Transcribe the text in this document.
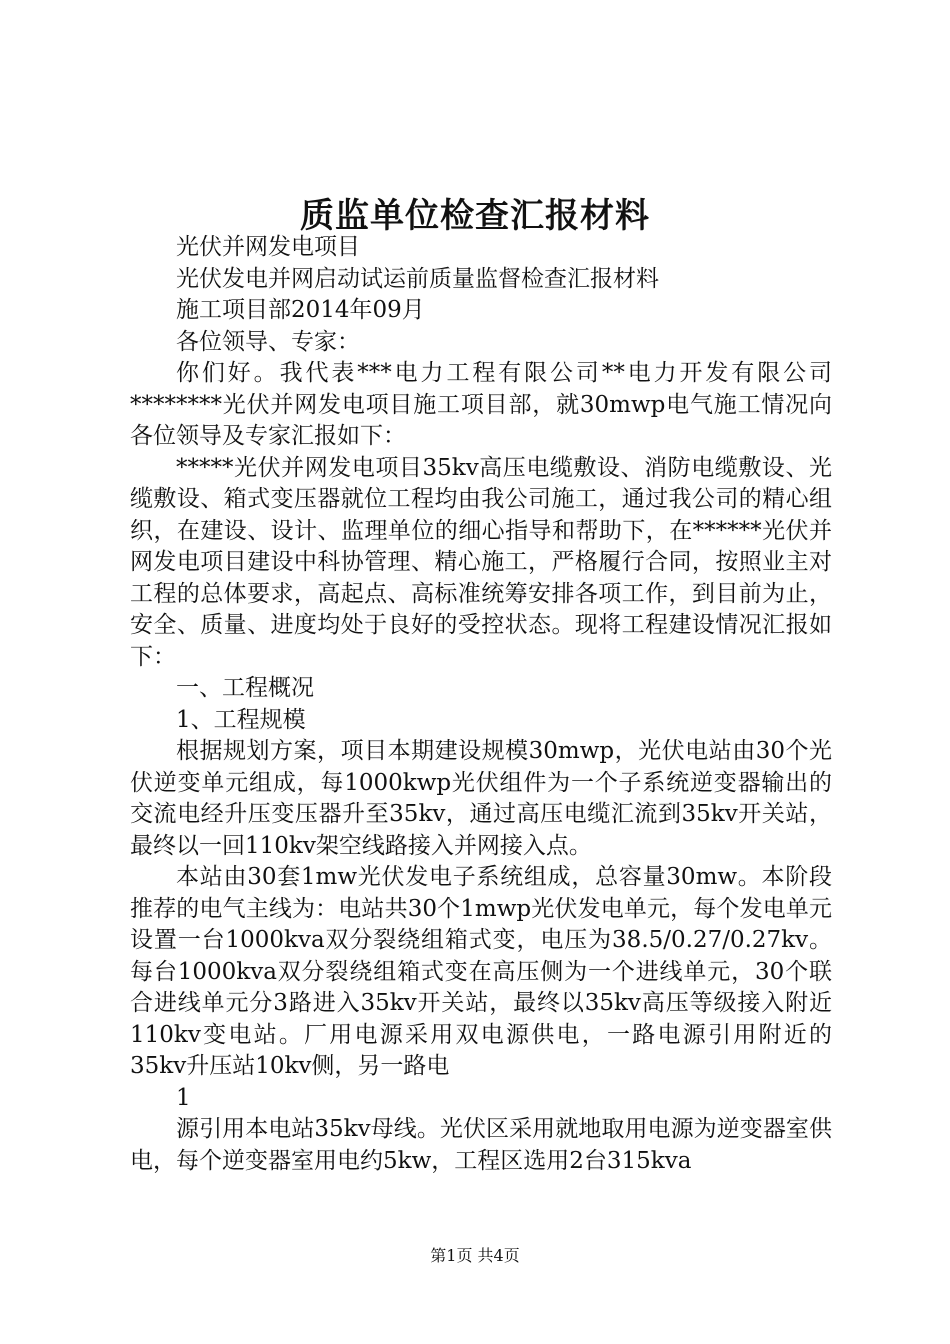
质监单位检查汇报材料

光伏并网发电项目

光伏发电并网启动试运前质量监督检查汇报材料

施工项目部2014年09月

各位领导、专家：

你们好。我代表***电力工程有限公司**电力开发有限公司********光伏并网发电项目施工项目部，就30mwp电气施工情况向各位领导及专家汇报如下：

*****光伏并网发电项目35kv高压电缆敷设、消防电缆敷设、光缆敷设、箱式变压器就位工程均由我公司施工，通过我公司的精心组织，在建设、设计、监理单位的细心指导和帮助下，在******光伏并网发电项目建设中科协管理、精心施工，严格履行合同，按照业主对工程的总体要求，高起点、高标准统筹安排各项工作，到目前为止，安全、质量、进度均处于良好的受控状态。现将工程建设情况汇报如下：

一、工程概况

1、工程规模

根据规划方案，项目本期建设规模30mwp，光伏电站由30个光伏逆变单元组成，每1000kwp光伏组件为一个子系统逆变器输出的交流电经升压变压器升至35kv，通过高压电缆汇流到35kv开关站，最终以一回110kv架空线路接入并网接入点。

本站由30套1mw光伏发电子系统组成，总容量30mw。本阶段推荐的电气主线为：电站共30个1mwp光伏发电单元，每个发电单元设置一台1000kva双分裂绕组箱式变，电压为38.5/0.27/0.27kv。每台1000kva双分裂绕组箱式变在高压侧为一个进线单元，30个联合进线单元分3路进入35kv开关站，最终以35kv高压等级接入附近110kv变电站。厂用电源采用双电源供电，一路电源引用附近的35kv升压站10kv侧，另一路电

1

源引用本电站35kv母线。光伏区采用就地取用电源为逆变器室供电，每个逆变器室用电约5kw，工程区选用2台315kva

第1页 共4页
